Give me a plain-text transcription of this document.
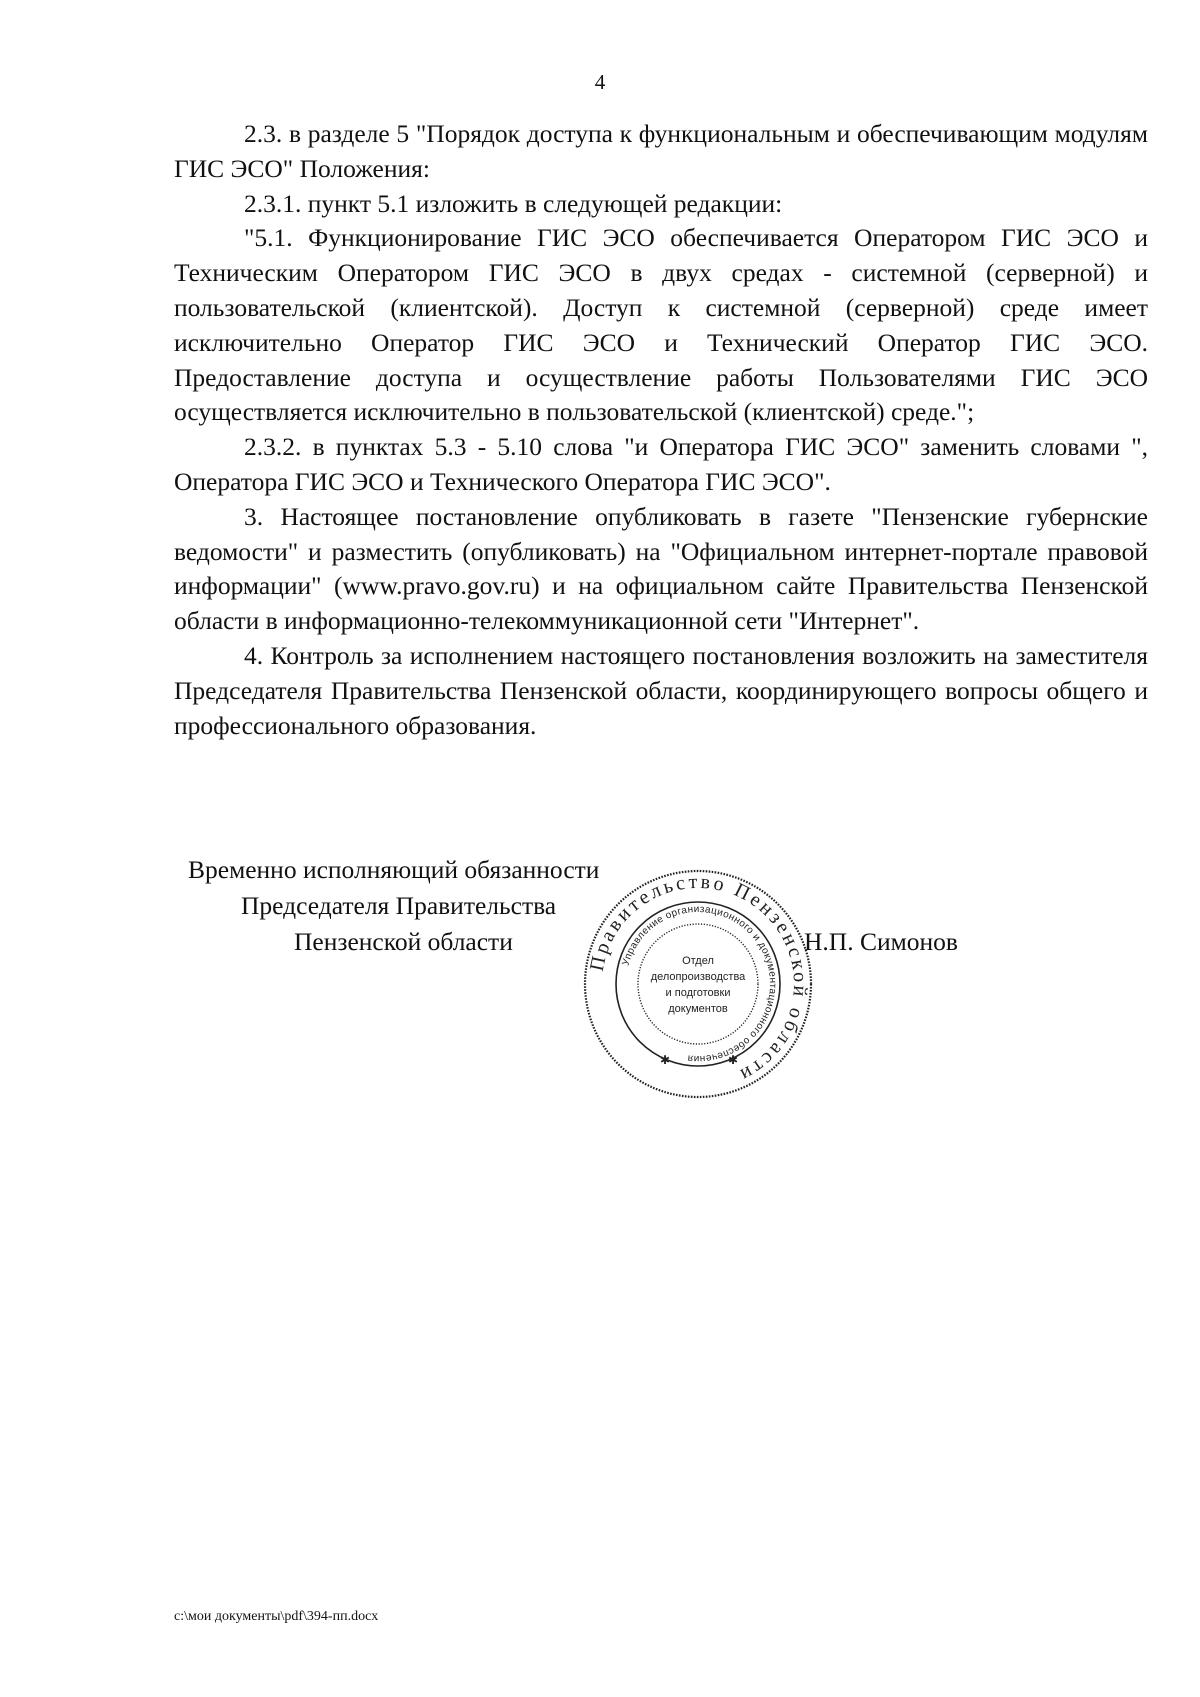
4

2.3. в разделе 5 "Порядок доступа к функциональным и обеспечивающим модулям ГИС ЭСО" Положения:

2.3.1. пункт 5.1 изложить в следующей редакции:

"5.1. Функционирование ГИС ЭСО обеспечивается Оператором ГИС ЭСО и Техническим Оператором ГИС ЭСО в двух средах - системной (серверной) и пользовательской (клиентской). Доступ к системной (серверной) среде имеет исключительно Оператор ГИС ЭСО и Технический Оператор ГИС ЭСО. Предоставление доступа и осуществление работы Пользователями ГИС ЭСО осуществляется исключительно в пользовательской (клиентской) среде.";

2.3.2. в пунктах 5.3 - 5.10 слова "и Оператора ГИС ЭСО" заменить словами ", Оператора ГИС ЭСО и Технического Оператора ГИС ЭСО".

3. Настоящее постановление опубликовать в газете "Пензенские губернские ведомости" и разместить (опубликовать) на "Официальном интернет-портале правовой информации" (www.pravo.gov.ru) и на официальном сайте Правительства Пензенской области в информационно-телекоммуникационной сети "Интернет".

4. Контроль за исполнением настоящего постановления возложить на заместителя Председателя Правительства Пензенской области, координирующего вопросы общего и профессионального образования.

Временно исполняющий обязанности
Председателя Правительства
Пензенской области	Н.П. Симонов
Правительство Пензенской области
Управление организационного и документационного обеспечения
Отдел
делопроизводства
и подготовки
документов
✱	✱
c:\мои документы\pdf\394-пп.docx
